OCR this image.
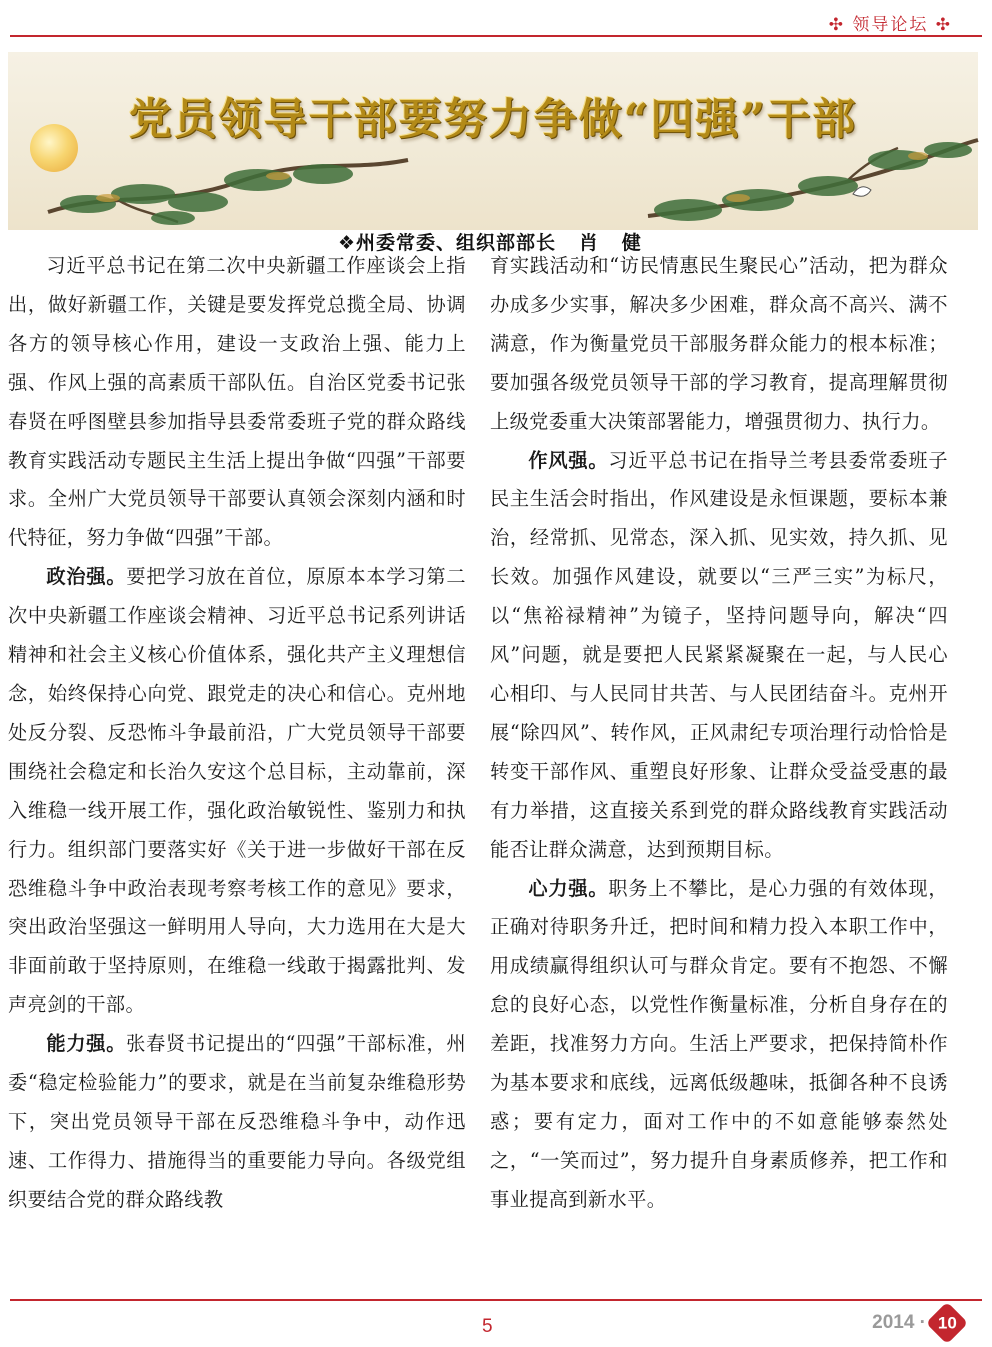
✣ 领导论坛 ✣
党员领导干部要努力争做“四强”干部
❖州委常委、组织部部长   肖   健

习近平总书记在第二次中央新疆工作座谈会上指出，做好新疆工作，关键是要发挥党总揽全局、协调各方的领导核心作用，建设一支政治上强、能力上强、作风上强的高素质干部队伍。自治区党委书记张春贤在呼图壁县参加指导县委常委班子党的群众路线教育实践活动专题民主生活上提出争做“四强”干部要求。全州广大党员领导干部要认真领会深刻内涵和时代特征，努力争做“四强”干部。

政治强。要把学习放在首位，原原本本学习第二次中央新疆工作座谈会精神、习近平总书记系列讲话精神和社会主义核心价值体系，强化共产主义理想信念，始终保持心向党、跟党走的决心和信心。克州地处反分裂、反恐怖斗争最前沿，广大党员领导干部要围绕社会稳定和长治久安这个总目标，主动靠前，深入维稳一线开展工作，强化政治敏锐性、鉴别力和执行力。组织部门要落实好《关于进一步做好干部在反恐维稳斗争中政治表现考察考核工作的意见》要求，突出政治坚强这一鲜明用人导向，大力选用在大是大非面前敢于坚持原则，在维稳一线敢于揭露批判、发声亮剑的干部。

能力强。张春贤书记提出的“四强”干部标准，州委“稳定检验能力”的要求，就是在当前复杂维稳形势下，突出党员领导干部在反恐维稳斗争中，动作迅速、工作得力、措施得当的重要能力导向。各级党组织要结合党的群众路线教

育实践活动和“访民情惠民生聚民心”活动，把为群众办成多少实事，解决多少困难，群众高不高兴、满不满意，作为衡量党员干部服务群众能力的根本标准；要加强各级党员领导干部的学习教育，提高理解贯彻上级党委重大决策部署能力，增强贯彻力、执行力。

作风强。习近平总书记在指导兰考县委常委班子民主生活会时指出，作风建设是永恒课题，要标本兼治，经常抓、见常态，深入抓、见实效，持久抓、见长效。加强作风建设，就要以“三严三实”为标尺，以“焦裕禄精神”为镜子，坚持问题导向，解决“四风”问题，就是要把人民紧紧凝聚在一起，与人民心心相印、与人民同甘共苦、与人民团结奋斗。克州开展“除四风”、转作风，正风肃纪专项治理行动恰恰是转变干部作风、重塑良好形象、让群众受益受惠的最有力举措，这直接关系到党的群众路线教育实践活动能否让群众满意，达到预期目标。

心力强。职务上不攀比，是心力强的有效体现，正确对待职务升迁，把时间和精力投入本职工作中，用成绩赢得组织认可与群众肯定。要有不抱怨、不懈怠的良好心态，以党性作衡量标准，分析自身存在的差距，找准努力方向。生活上严要求，把保持简朴作为基本要求和底线，远离低级趣味，抵御各种不良诱惑；要有定力，面对工作中的不如意能够泰然处之，“一笑而过”，努力提升自身素质修养，把工作和事业提高到新水平。

5	2014 · 10
